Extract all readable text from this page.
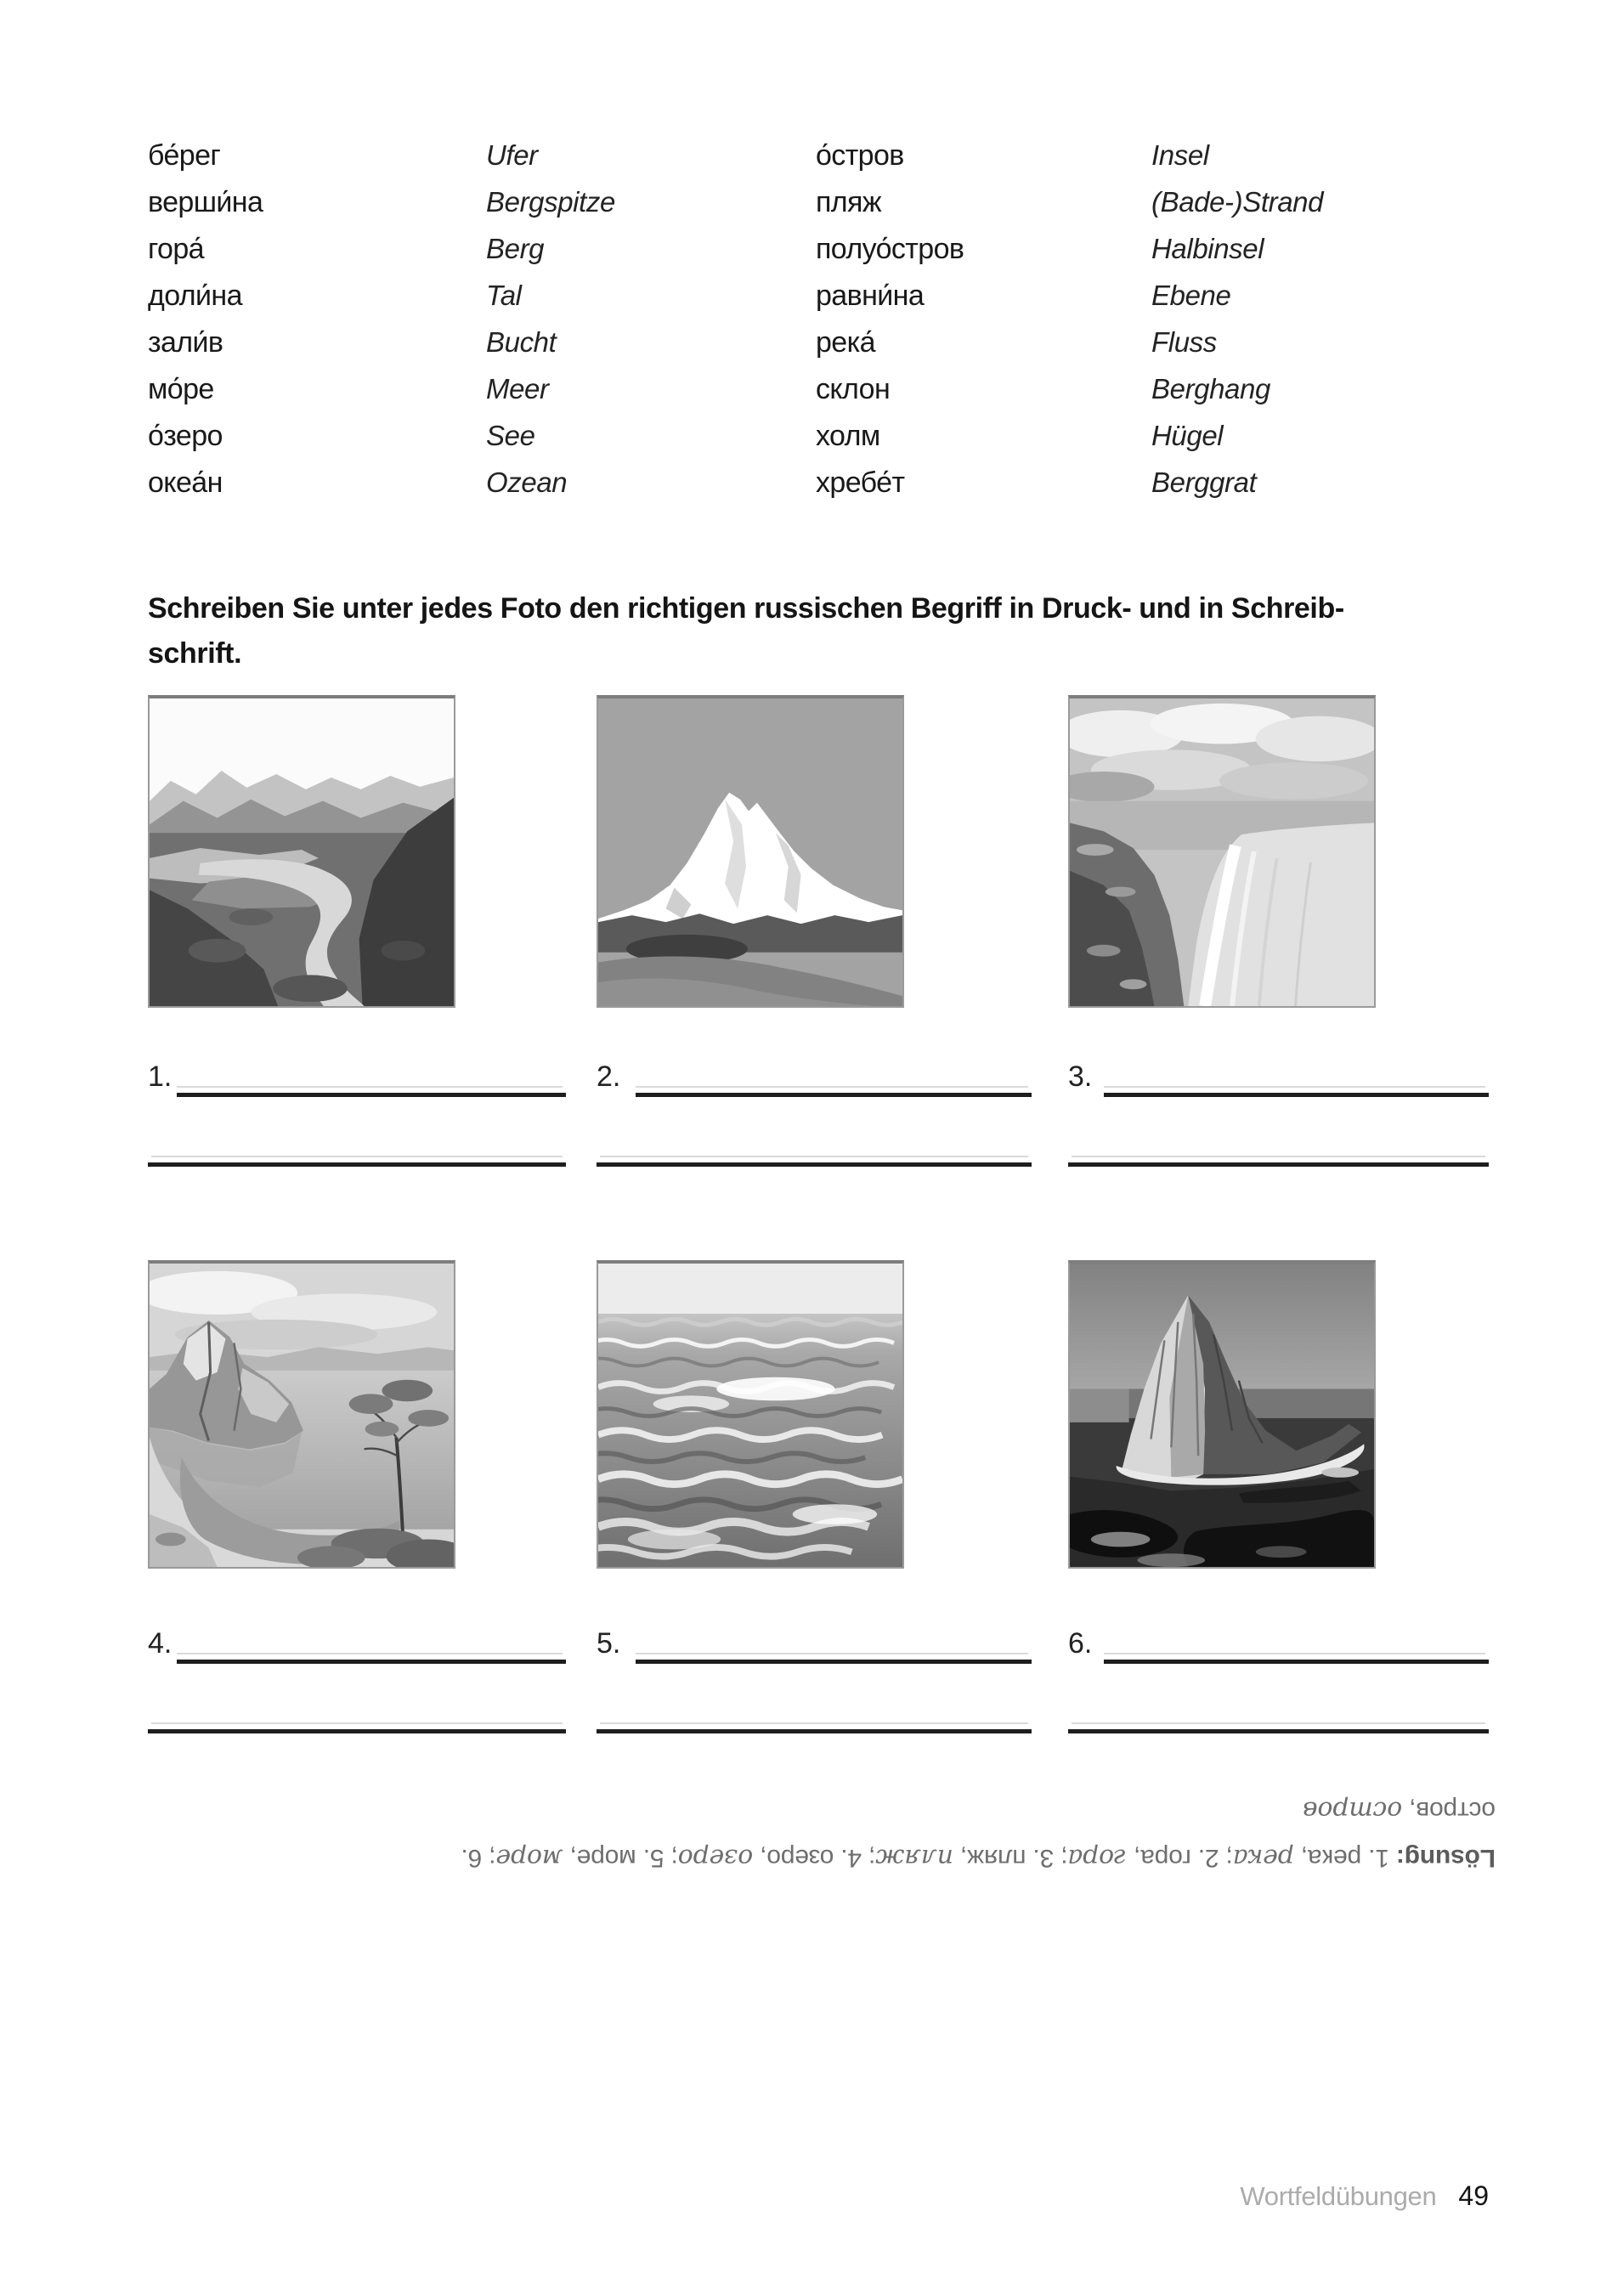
бе́рег	Ufer	о́стров	Insel
верши́на	Bergspitze	пляж	(Bade-)Strand
гора́	Berg	полуо́стров	Halbinsel
доли́на	Tal	равни́на	Ebene
зали́в	Bucht	река́	Fluss
мо́ре	Meer	склон	Berghang
о́зеро	See	холм	Hügel
океа́н	Ozean	хребе́т	Berggrat
Schreiben Sie unter jedes Foto den richtigen russischen Begriff in Druck- und in Schreib-
schrift.
1.	2.	3.
4.	5.	6.
Lösung: 1. река, река; 2. гора, гора; 3. пляж, пляж; 4. озеро, озеро; 5. море, море; 6.
остров, остров
Wortfeldübungen 49
